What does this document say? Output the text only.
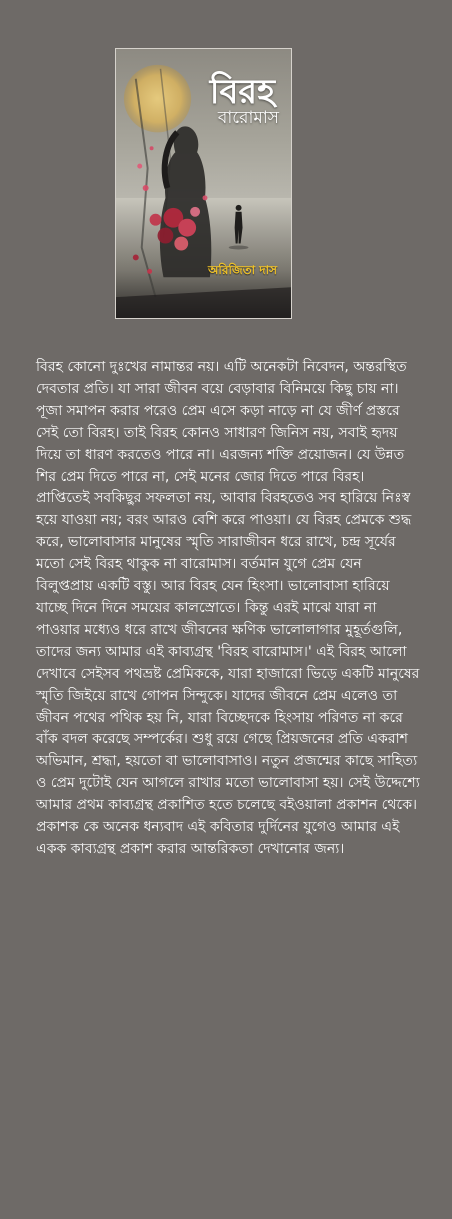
বিরহ

বারোমাস

অরিজিতা দাস

বিরহ কোনো দুঃখের নামান্তর নয়। এটি অনেকটা নিবেদন, অন্তরস্থিত দেবতার প্রতি। যা সারা জীবন বয়ে বেড়াবার বিনিময়ে কিছু চায় না। পূজা সমাপন করার পরেও প্রেম এসে কড়া নাড়ে না যে জীর্ণ প্রস্তরে সেই তো বিরহ। তাই বিরহ কোনও সাধারণ জিনিস নয়, সবাই হৃদয় দিয়ে তা ধারণ করতেও পারে না। এরজন্য শক্তি প্রয়োজন। যে উন্নত শির প্রেম দিতে পারে না, সেই মনের জোর দিতে পারে বিরহ। প্রাপ্তিতেই সবকিছুর সফলতা নয়, আবার বিরহতেও সব হারিয়ে নিঃস্ব হয়ে যাওয়া নয়; বরং আরও বেশি করে পাওয়া। যে বিরহ প্রেমকে শুদ্ধ করে, ভালোবাসার মানুষের স্মৃতি সারাজীবন ধরে রাখে, চন্দ্র সূর্যের মতো সেই বিরহ থাকুক না বারোমাস। বর্তমান যুগে প্রেম যেন বিলুপ্তপ্রায় একটি বস্তু। আর বিরহ যেন হিংসা। ভালোবাসা হারিয়ে যাচ্ছে দিনে দিনে সময়ের কালস্রোতে। কিন্তু এরই মাঝে যারা না পাওয়ার মধ্যেও ধরে রাখে জীবনের ক্ষণিক ভালোলাগার মুহূর্তগুলি, তাদের জন্য আমার এই কাব্যগ্রন্থ 'বিরহ বারোমাস।' এই বিরহ আলো দেখাবে সেইসব পথভ্রষ্ট প্রেমিককে, যারা হাজারো ভিড়ে একটি মানুষের স্মৃতি জিইয়ে রাখে গোপন সিন্দুকে। যাদের জীবনে প্রেম এলেও তা জীবন পথের পথিক হয় নি, যারা বিচ্ছেদকে হিংসায় পরিণত না করে বাঁক বদল করেছে সম্পর্কের। শুধু রয়ে গেছে প্রিয়জনের প্রতি একরাশ অভিমান, শ্রদ্ধা, হয়তো বা ভালোবাসাও। নতুন প্রজন্মের কাছে সাহিত্য ও প্রেম দুটোই যেন আগলে রাখার মতো ভালোবাসা হয়। সেই উদ্দেশ্যে আমার প্রথম কাব্যগ্রন্থ প্রকাশিত হতে চলেছে বইওয়ালা প্রকাশন থেকে। প্রকাশক কে অনেক ধন্যবাদ এই কবিতার দুর্দিনের যুগেও আমার এই একক কাব্যগ্রন্থ প্রকাশ করার আন্তরিকতা দেখানোর জন্য।
